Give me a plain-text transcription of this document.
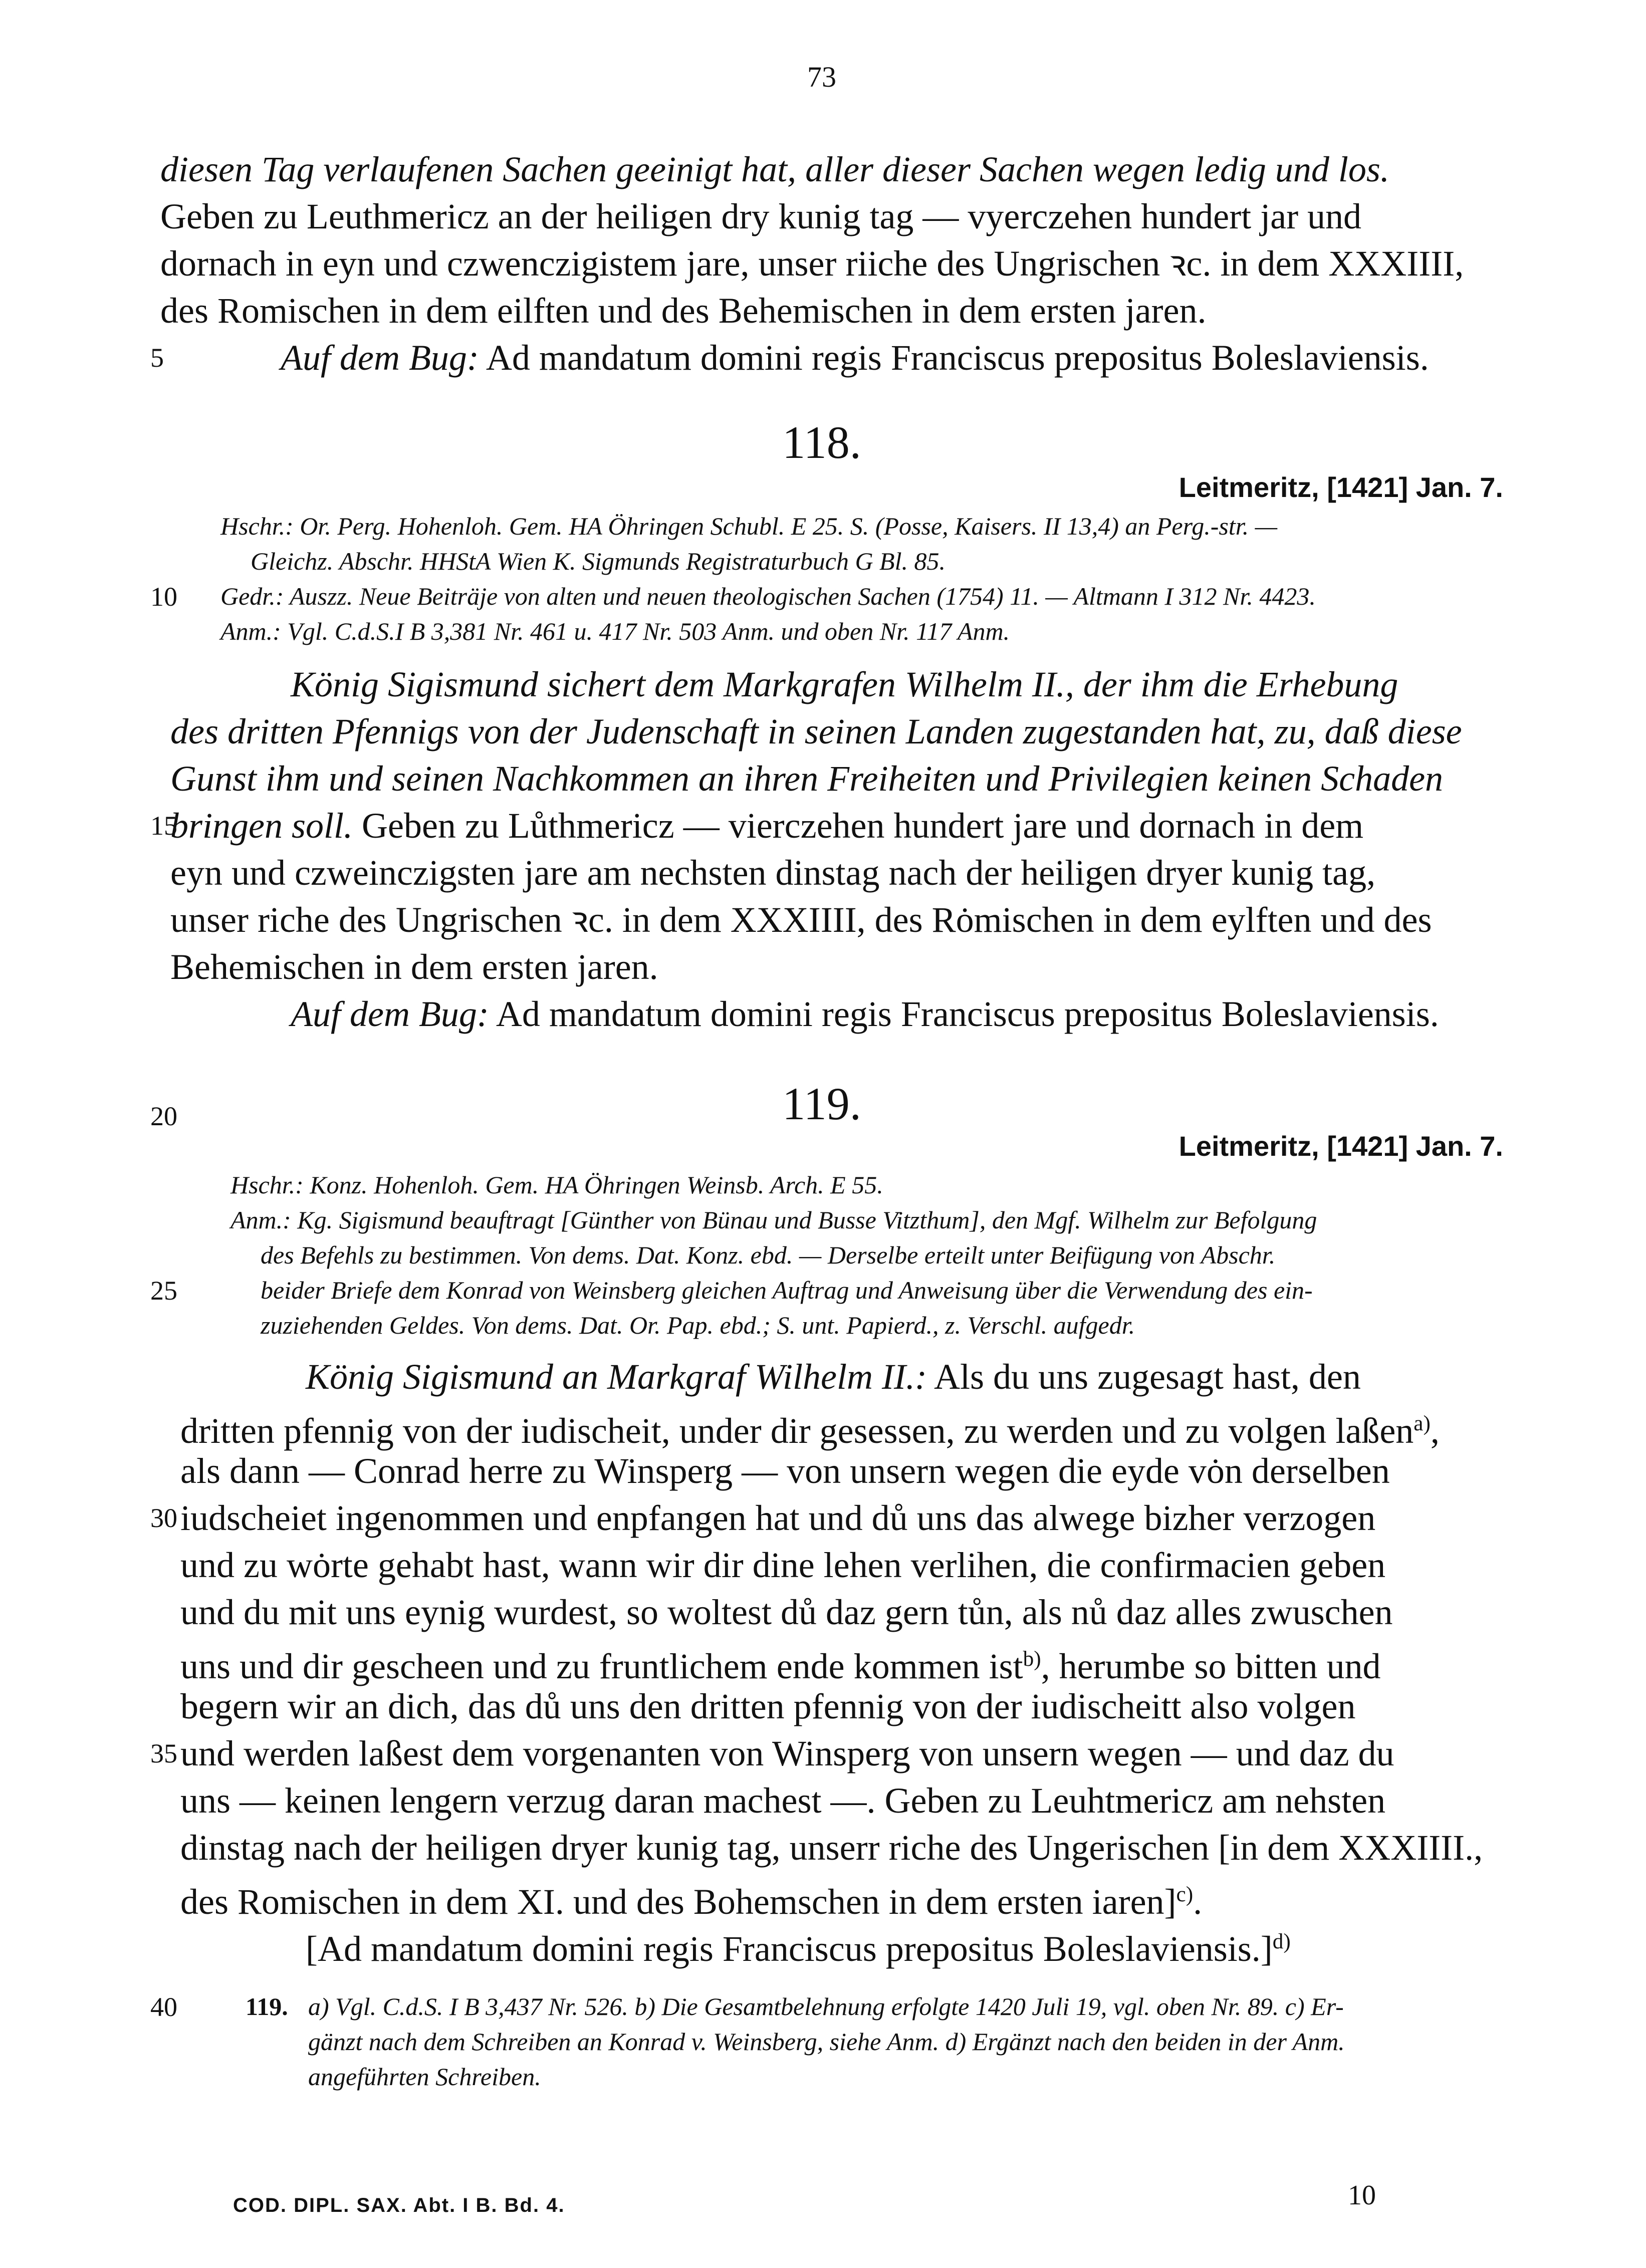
73
diesen Tag verlaufenen Sachen geeinigt hat, aller dieser Sachen wegen ledig und los.
Geben zu Leuthmericz an der heiligen dry kunig tag — vyerczehen hundert jar und
dornach in eyn und czwenczigistem jare, unser riiche des Ungrischen ꝛc. in dem XXXIIII,
des Romischen in dem eilften und des Behemischen in dem ersten jaren.
5	Auf dem Bug: Ad mandatum domini regis Franciscus prepositus Boleslaviensis.
118.
Leitmeritz, [1421] Jan. 7.
Hschr.: Or. Perg. Hohenloh. Gem. HA Öhringen Schubl. E 25. S. (Posse, Kaisers. II 13,4) an Perg.-str. —
Gleichz. Abschr. HHStA Wien K. Sigmunds Registraturbuch G Bl. 85.
10 Gedr.: Auszz. Neue Beiträje von alten und neuen theologischen Sachen (1754) 11. — Altmann I 312 Nr. 4423.
Anm.: Vgl. C.d.S.I B 3,381 Nr. 461 u. 417 Nr. 503 Anm. und oben Nr. 117 Anm.
König Sigismund sichert dem Markgrafen Wilhelm II., der ihm die Erhebung
des dritten Pfennigs von der Judenschaft in seinen Landen zugestanden hat, zu, daß diese
Gunst ihm und seinen Nachkommen an ihren Freiheiten und Privilegien keinen Schaden
15
bringen soll. Geben zu Lůthmericz — vierczehen hundert jare und dornach in dem
eyn und czweinczigsten jare am nechsten dinstag nach der heiligen dryer kunig tag,
unser riche des Ungrischen ꝛc. in dem XXXIIII, des Rȯmischen in dem eylften und des
Behemischen in dem ersten jaren.
Auf dem Bug: Ad mandatum domini regis Franciscus prepositus Boleslaviensis.
20	119.
Leitmeritz, [1421] Jan. 7.
Hschr.: Konz. Hohenloh. Gem. HA Öhringen Weinsb. Arch. E 55.
Anm.: Kg. Sigismund beauftragt [Günther von Bünau und Busse Vitzthum], den Mgf. Wilhelm zur Befolgung
des Befehls zu bestimmen. Von dems. Dat. Konz. ebd. — Derselbe erteilt unter Beifügung von Abschr.
25	beider Briefe dem Konrad von Weinsberg gleichen Auftrag und Anweisung über die Verwendung des ein-
zuziehenden Geldes. Von dems. Dat. Or. Pap. ebd.; S. unt. Papierd., z. Verschl. aufgedr.
König Sigismund an Markgraf Wilhelm II.: Als du uns zugesagt hast, den
dritten pfennig von der iudischeit, under dir gesessen, zu werden und zu volgen laßen$^{a)}$,
als dann — Conrad herre zu Winsperg — von unsern wegen die eyde vȯn derselben
30 iudscheiet ingenommen und enpfangen hat und dů uns das alwege bizher verzogen
und zu wȯrte gehabt hast, wann wir dir dine lehen verlihen, die confirmacien geben
und du mit uns eynig wurdest, so woltest dů daz gern tůn, als nů daz alles zwuschen
uns und dir gescheen und zu fruntlichem ende kommen ist$^{b)}$, herumbe so bitten und
begern wir an dich, das dů uns den dritten pfennig von der iudischeitt also volgen
35 und werden laßest dem vorgenanten von Winsperg von unsern wegen — und daz du
uns — keinen lengern verzug daran machest —. Geben zu Leuhtmericz am nehsten
dinstag nach der heiligen dryer kunig tag, unserr riche des Ungerischen [in dem XXXIIII.,
des Romischen in dem XI. und des Bohemschen in dem ersten iaren]$^{c)}$.
[Ad mandatum domini regis Franciscus prepositus Boleslaviensis.]$^{d)}$
40	119. a) Vgl. C.d.S. I B 3,437 Nr. 526. b) Die Gesamtbelehnung erfolgte 1420 Juli 19, vgl. oben Nr. 89. c) Er-
gänzt nach dem Schreiben an Konrad v. Weinsberg, siehe Anm. d) Ergänzt nach den beiden in der Anm.
angeführten Schreiben.
COD. DIPL. SAX. Abt. I B. Bd. 4.	10
